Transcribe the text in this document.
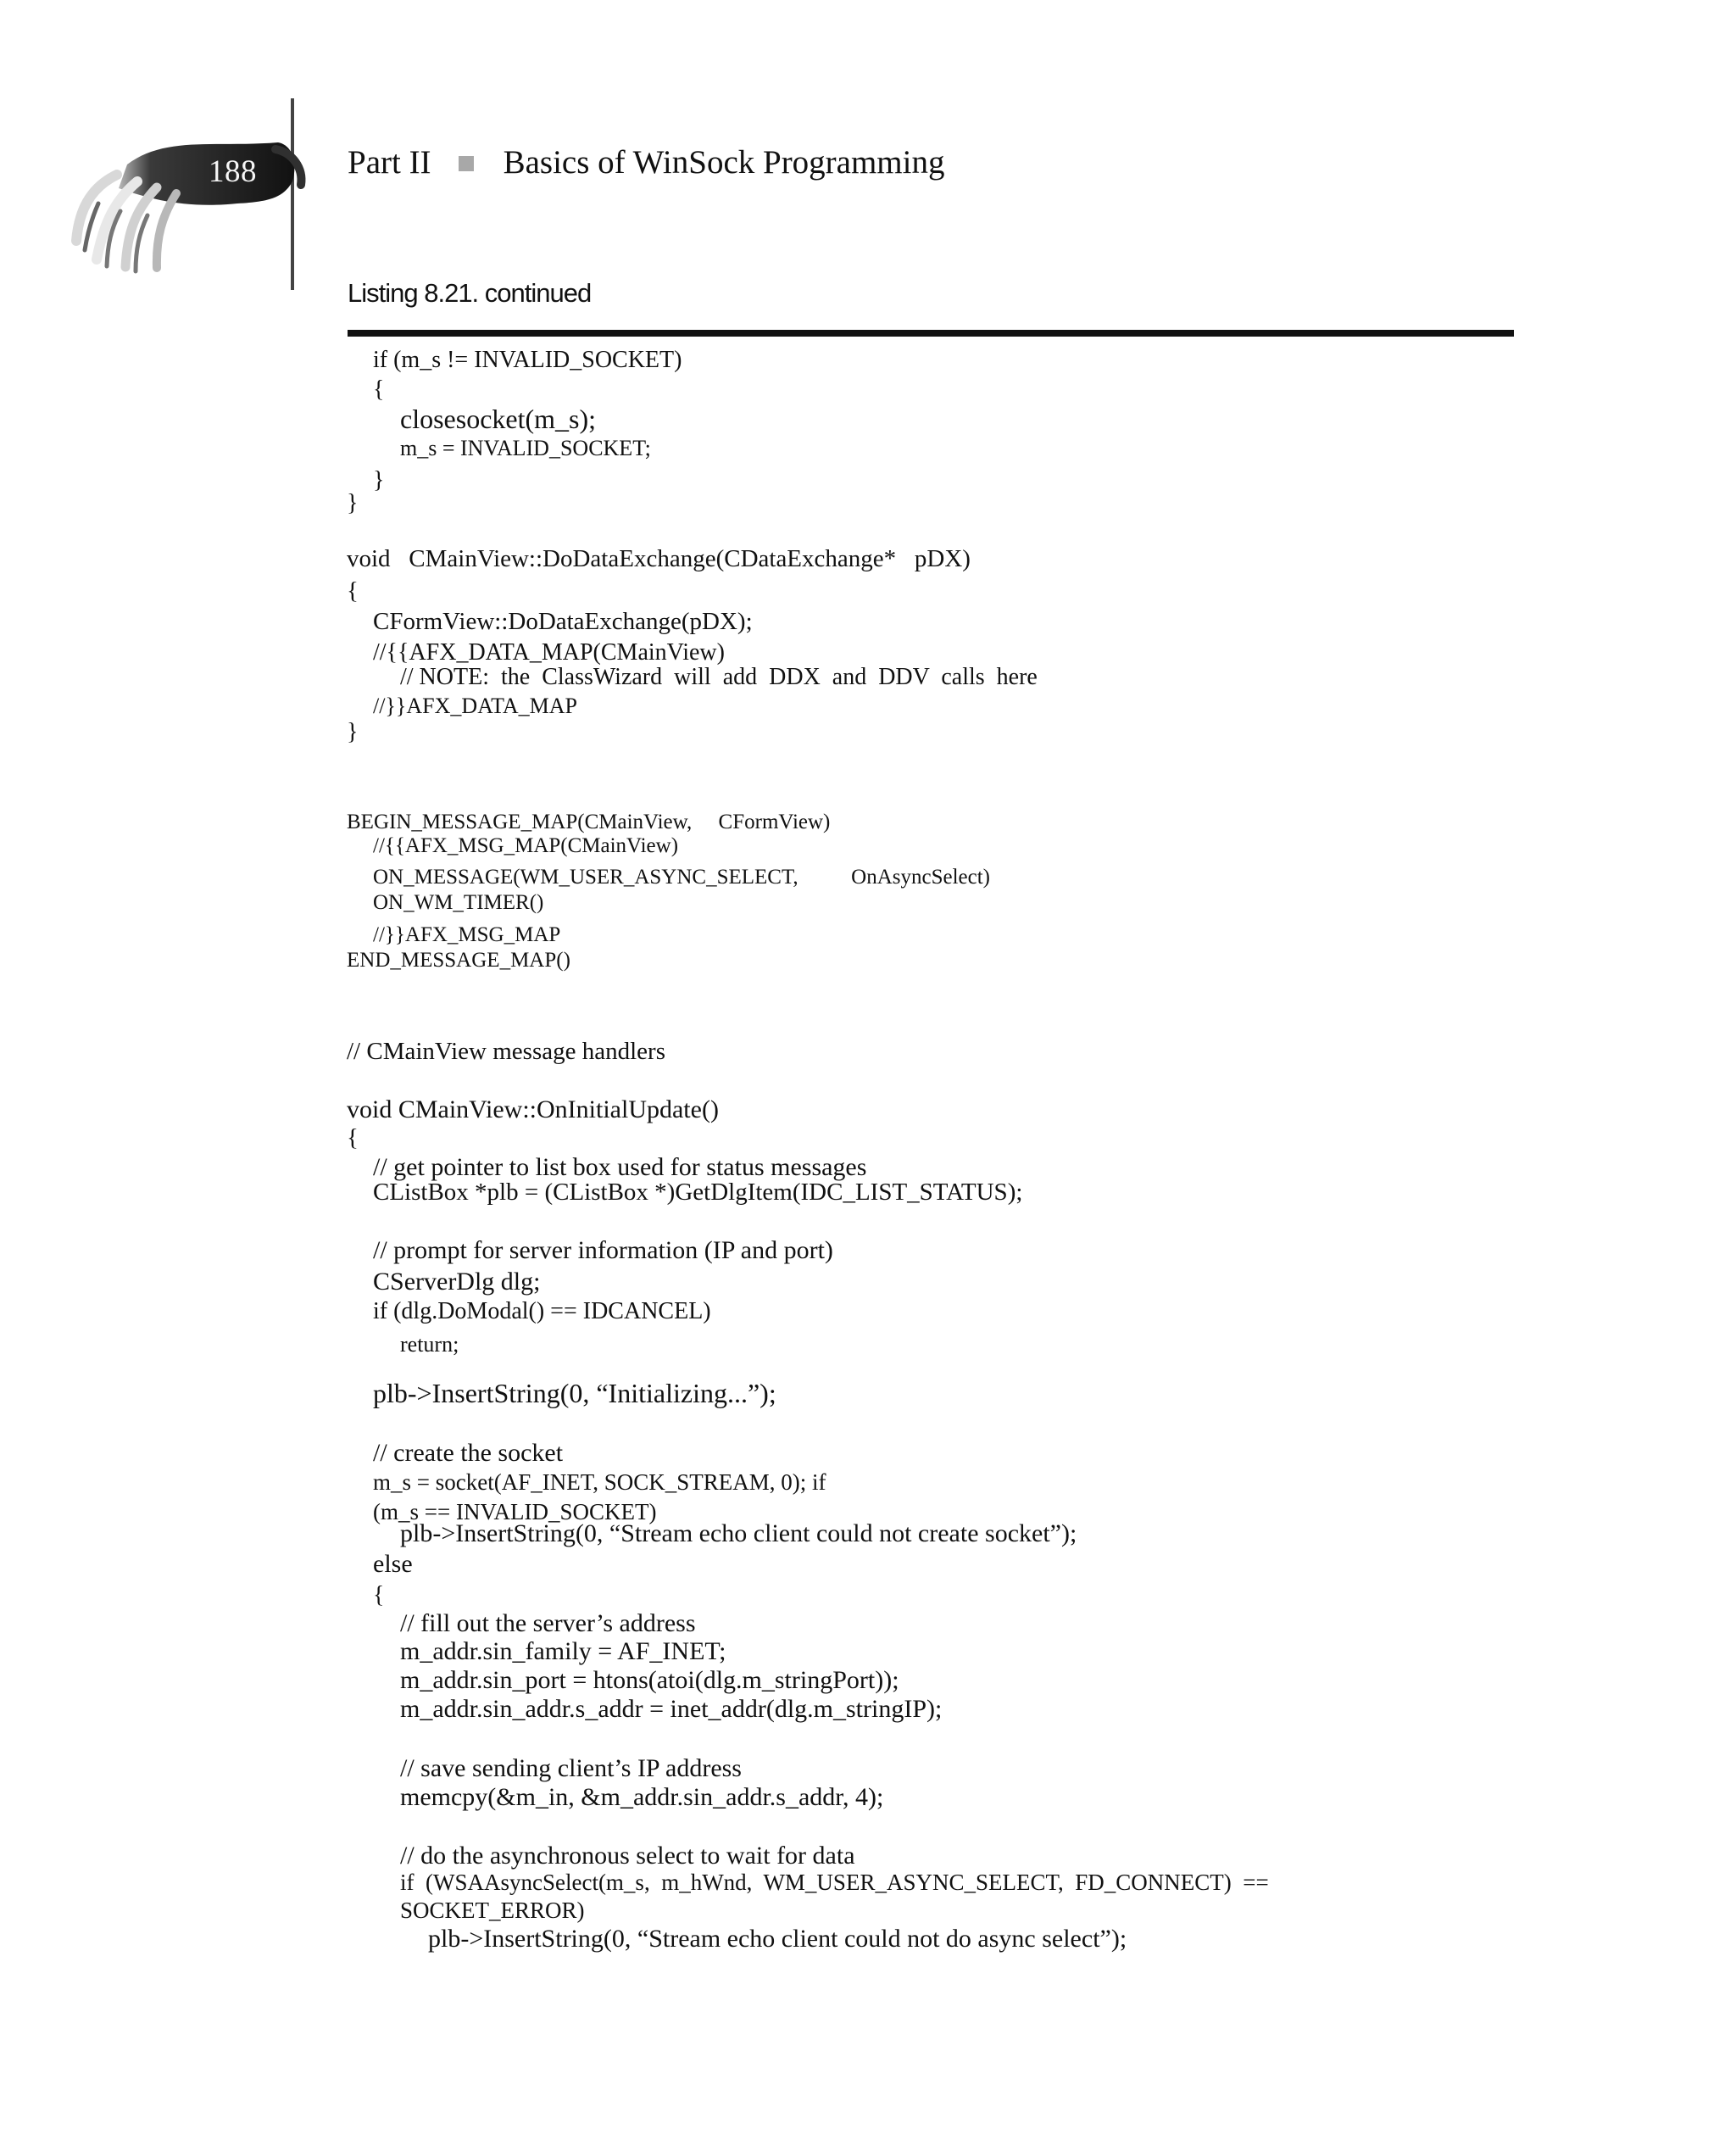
188	Part II Basics of WinSock Programming
Listing 8.21. continued
if (m_s != INVALID_SOCKET)
{
closesocket(m_s);
m_s = INVALID_SOCKET;
}
}
void   CMainView::DoDataExchange(CDataExchange*   pDX)
{
CFormView::DoDataExchange(pDX);
//{{AFX_DATA_MAP(CMainView)
// NOTE:  the  ClassWizard  will  add  DDX  and  DDV  calls  here
//}}AFX_DATA_MAP
}
BEGIN_MESSAGE_MAP(CMainView,     CFormView)
//{{AFX_MSG_MAP(CMainView)
ON_MESSAGE(WM_USER_ASYNC_SELECT,          OnAsyncSelect)
ON_WM_TIMER()
//}}AFX_MSG_MAP
END_MESSAGE_MAP()
// CMainView message handlers
void CMainView::OnInitialUpdate()
{
// get pointer to list box used for status messages
CListBox *plb = (CListBox *)GetDlgItem(IDC_LIST_STATUS);
// prompt for server information (IP and port)
CServerDlg dlg;
if (dlg.DoModal() == IDCANCEL)
return;
plb->InsertString(0, “Initializing...”);
// create the socket
m_s = socket(AF_INET, SOCK_STREAM, 0); if
(m_s == INVALID_SOCKET)
plb->InsertString(0, “Stream echo client could not create socket”);
else
{
// fill out the server’s address
m_addr.sin_family = AF_INET;
m_addr.sin_port = htons(atoi(dlg.m_stringPort));
m_addr.sin_addr.s_addr = inet_addr(dlg.m_stringIP);
// save sending client’s IP address
memcpy(&m_in, &m_addr.sin_addr.s_addr, 4);
// do the asynchronous select to wait for data
if  (WSAAsyncSelect(m_s,  m_hWnd,  WM_USER_ASYNC_SELECT,  FD_CONNECT)  ==
SOCKET_ERROR)
plb->InsertString(0, “Stream echo client could not do async select”);
